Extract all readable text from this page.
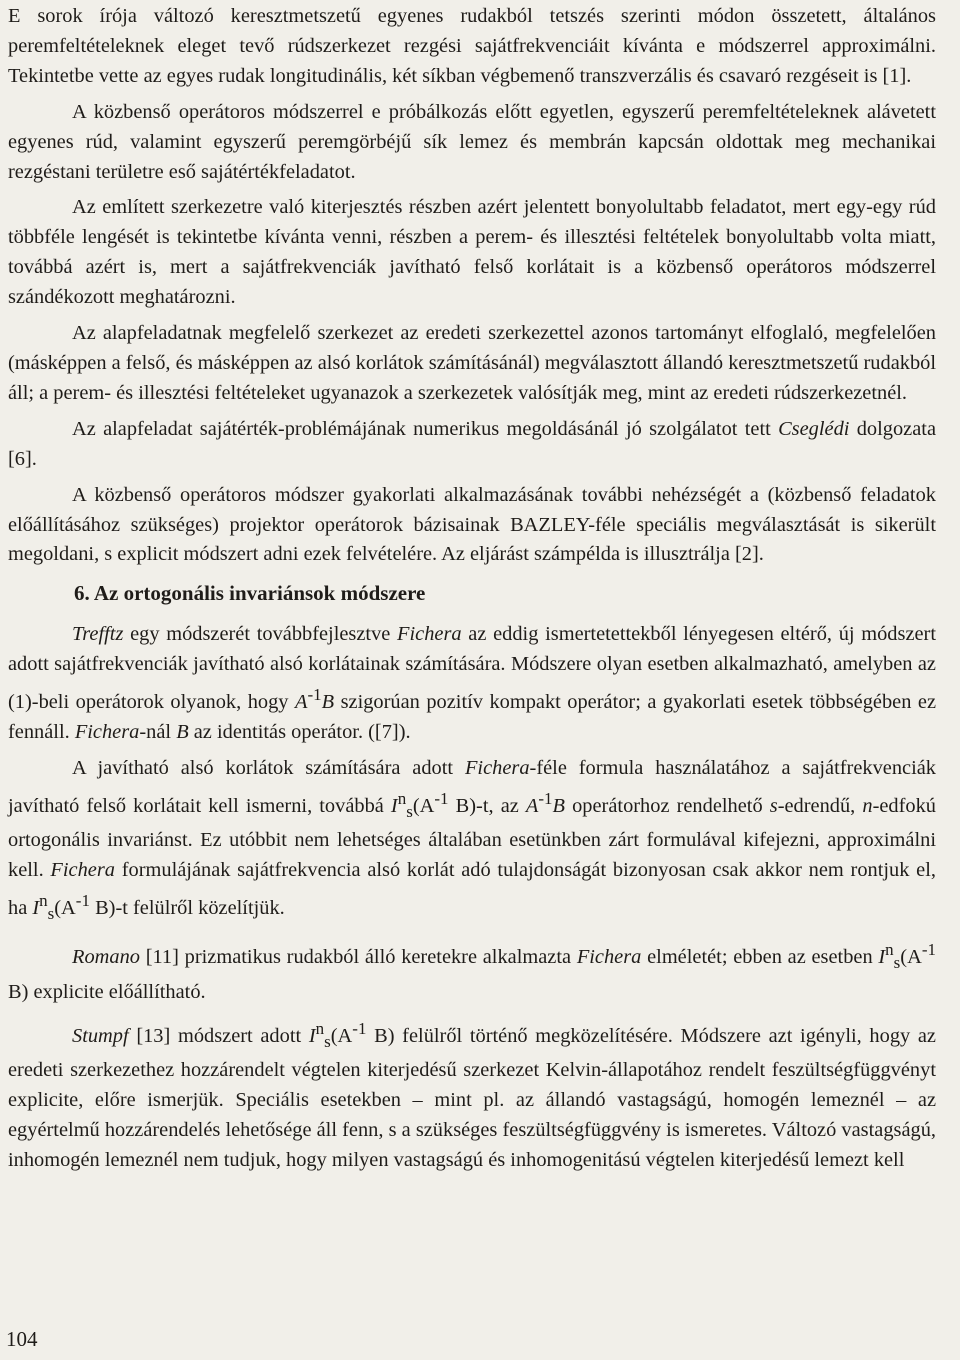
E sorok írója változó keresztmetszetű egyenes rudakból tetszés szerinti módon összetett, általános peremfeltételeknek eleget tevő rúdszerkezet rezgési sajátfrekvenciáit kívánta e módszerrel approximálni. Tekintetbe vette az egyes rudak longitudinális, két síkban végbemenő transzverzális és csavaró rezgéseit is [1].

A közbenső operátoros módszerrel e próbálkozás előtt egyetlen, egyszerű peremfeltételeknek alávetett egyenes rúd, valamint egyszerű peremgörbéjű sík lemez és membrán kapcsán oldottak meg mechanikai rezgéstani területre eső sajátértékfeladatot.

Az említett szerkezetre való kiterjesztés részben azért jelentett bonyolultabb feladatot, mert egy-egy rúd többféle lengését is tekintetbe kívánta venni, részben a perem- és illesztési feltételek bonyolultabb volta miatt, továbbá azért is, mert a sajátfrekvenciák javítható felső korlátait is a közbenső operátoros módszerrel szándékozott meghatározni.

Az alapfeladatnak megfelelő szerkezet az eredeti szerkezettel azonos tartományt elfoglaló, megfelelően (másképpen a felső, és másképpen az alsó korlátok számításánál) megválasztott állandó keresztmetszetű rudakból áll; a perem- és illesztési feltételeket ugyanazok a szerkezetek valósítják meg, mint az eredeti rúdszerkezetnél.

Az alapfeladat sajátérték-problémájának numerikus megoldásánál jó szolgálatot tett Cseglédi dolgozata [6].

A közbenső operátoros módszer gyakorlati alkalmazásának további nehézségét a (közbenső feladatok előállításához szükséges) projektor operátorok bázisainak BAZLEY-féle speciális megválasztását is sikerült megoldani, s explicit módszert adni ezek felvételére. Az eljárást számpélda is illusztrálja [2].

6. Az ortogonális invariánsok módszere

Trefftz egy módszerét továbbfejlesztve Fichera az eddig ismertetettekből lényegesen eltérő, új módszert adott sajátfrekvenciák javítható alsó korlátainak számítására. Módszere olyan esetben alkalmazható, amelyben az (1)-beli operátorok olyanok, hogy $A^{-1}B$ szigorúan pozitív kompakt operátor; a gyakorlati esetek többségében ez fennáll. Fichera-nál B az identitás operátor. ([7]).

A javítható alsó korlátok számítására adott Fichera-féle formula használatához a sajátfrekvenciák javítható felső korlátait kell ismerni, továbbá $I^n_s(A^{-1}$ B)-t, az $A^{-1}B$ operátorhoz rendelhető s-edrendű, n-edfokú ortogonális invariánst. Ez utóbbit nem lehetséges általában esetünkben zárt formulával kifejezni, approximálni kell. Fichera formulájának sajátfrekvencia alsó korlát adó tulajdonságát bizonyosan csak akkor nem rontjuk el, ha $I^n_s(A^{-1}$ B)-t felülről közelítjük.

Romano [11] prizmatikus rudakból álló keretekre alkalmazta Fichera elméletét; ebben az esetben $I^n_s(A^{-1}$ B) explicite előállítható.

Stumpf [13] módszert adott $I^n_s(A^{-1}$ B) felülről történő megközelítésére. Módszere azt igényli, hogy az eredeti szerkezethez hozzárendelt végtelen kiterjedésű szerkezet Kelvin-állapotához rendelt feszültségfüggvényt explicite, előre ismerjük. Speciális esetekben – mint pl. az állandó vastagságú, homogén lemeznél – az egyértelmű hozzárendelés lehetősége áll fenn, s a szükséges feszültségfüggvény is ismeretes. Változó vastagságú, inhomogén lemeznél nem tudjuk, hogy milyen vastagságú és inhomogenitású végtelen kiterjedésű lemezt kell

104
